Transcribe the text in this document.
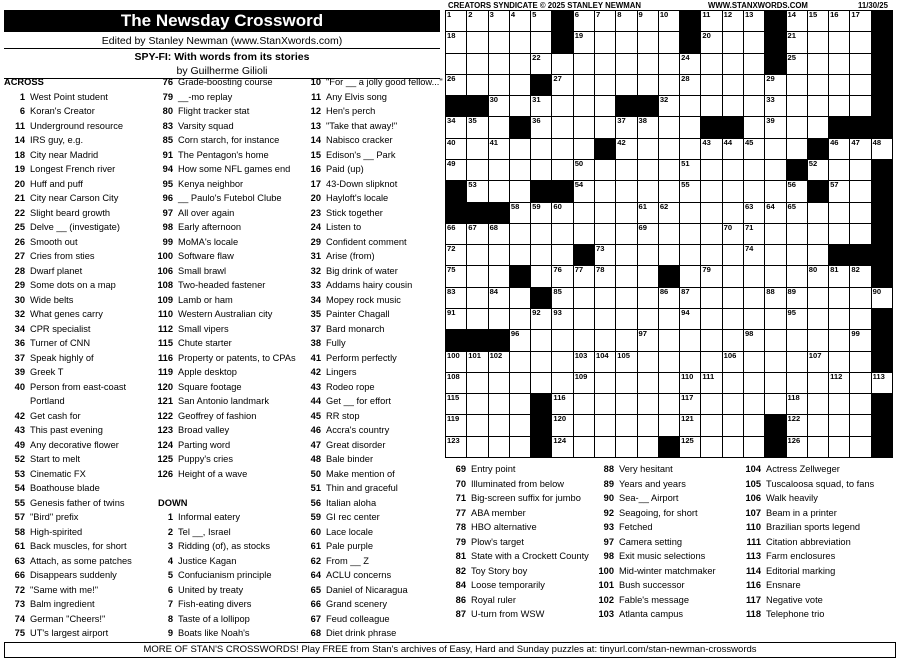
The Newsday Crossword
Edited by Stanley Newman (www.StanXwords.com)
SPY-FI: With words from its stories
by Guilherme Gilioli
CREATORS SYNDICATE © 2025 STANLEY NEWMAN	WWW.STANXWORDS.COM	11/30/25
ACROSS
1 West Point student
6 Koran's Creator
11 Underground resource
14 IRS guy, e.g.
18 City near Madrid
19 Longest French river
20 Huff and puff
21 City near Carson City
22 Slight beard growth
25 Delve __ (investigate)
26 Smooth out
27 Cries from sties
28 Dwarf planet
29 Some dots on a map
30 Wide belts
32 What genes carry
34 CPR specialist
36 Turner of CNN
37 Speak highly of
39 Greek T
40 Person from east-coast
Portland
42 Get cash for
43 This past evening
49 Any decorative flower
52 Start to melt
53 Cinematic FX
54 Boathouse blade
55 Genesis father of twins
57 "Bird" prefix
58 High-spirited
61 Back muscles, for short
63 Attach, as some patches
66 Disappears suddenly
72 "Same with me!"
73 Balm ingredient
74 German "Cheers!"
75 UT's largest airport
76 Grade-boosting course
79 __-mo replay
80 Flight tracker stat
83 Varsity squad
85 Corn starch, for instance
91 The Pentagon's home
94 How some NFL games end
95 Kenya neighbor
96 __ Paulo's Futebol Clube
97 All over again
98 Early afternoon
99 MoMA's locale
100 Software flaw
106 Small brawl
108 Two-headed fastener
109 Lamb or ham
110 Western Australian city
112 Small vipers
115 Chute starter
116 Property or patents, to CPAs
119 Apple desktop
120 Square footage
121 San Antonio landmark
122 Geoffrey of fashion
123 Broad valley
124 Parting word
125 Puppy's cries
126 Height of a wave
DOWN
1 Informal eatery
2 Tel __, Israel
3 Ridding (of), as stocks
4 Justice Kagan
5 Confucianism principle
6 United by treaty
7 Fish-eating divers
8 Taste of a lollipop
9 Boats like Noah's
10 "For __ a jolly good fellow..."
11 Any Elvis song
12 Hen's perch
13 "Take that away!"
14 Nabisco cracker
15 Edison's __ Park
16 Paid (up)
17 43-Down slipknot
20 Hayloft's locale
23 Stick together
24 Listen to
29 Confident comment
31 Arise (from)
32 Big drink of water
33 Addams hairy cousin
34 Mopey rock music
35 Painter Chagall
37 Bard monarch
38 Fully
41 Perform perfectly
42 Lingers
43 Rodeo rope
44 Get __ for effort
45 RR stop
46 Accra's country
47 Great disorder
48 Bale binder
50 Make mention of
51 Thin and graceful
56 Italian aloha
59 GI rec center
60 Lace locale
61 Pale purple
62 From __ Z
64 ACLU concerns
65 Daniel of Nicaragua
66 Grand scenery
67 Feud colleague
68 Diet drink phrase
1	2	3	4	5		6	7	8	9	10		11	12	13		14	15	16	17	

18						19						20				21				

				22							24					25				

26					27						28				29					

		30		31						32					33					

34	35			36				37	38						39					

40		41						42				43	44	45				46	47	48

49						50					51						52			

	53					54					55					56		57		

			58	59	60				61	62				63	64	65				

66	67	68							69				70	71						

72							73							74						

75					76	77	78					79					80	81	82	

83		84			85					86	87				88	89				90

91				92	93						94					95				

			96						97					98					99	

100	101	102				103	104	105					106				107			

108						109					110	111						112		113

115					116						117					118				

119					120						121					122				

123					124						125					126				

69 Entry point
70 Illuminated from below
71 Big-screen suffix for jumbo
77 ABA member
78 HBO alternative
79 Plow's target
81 State with a Crockett County
82 Toy Story boy
84 Loose temporarily
86 Royal ruler
87 U-turn from WSW
88 Very hesitant
89 Years and years
90 Sea-__ Airport
92 Seagoing, for short
93 Fetched
97 Camera setting
98 Exit music selections
100 Mid-winter matchmaker
101 Bush successor
102 Fable's message
103 Atlanta campus
104 Actress Zellweger
105 Tuscaloosa squad, to fans
106 Walk heavily
107 Beam in a printer
110 Brazilian sports legend
111 Citation abbreviation
113 Farm enclosures
114 Editorial marking
116 Ensnare
117 Negative vote
118 Telephone trio
MORE OF STAN'S CROSSWORDS! Play FREE from Stan's archives of Easy, Hard and Sunday puzzles at: tinyurl.com/stan-newman-crosswords
